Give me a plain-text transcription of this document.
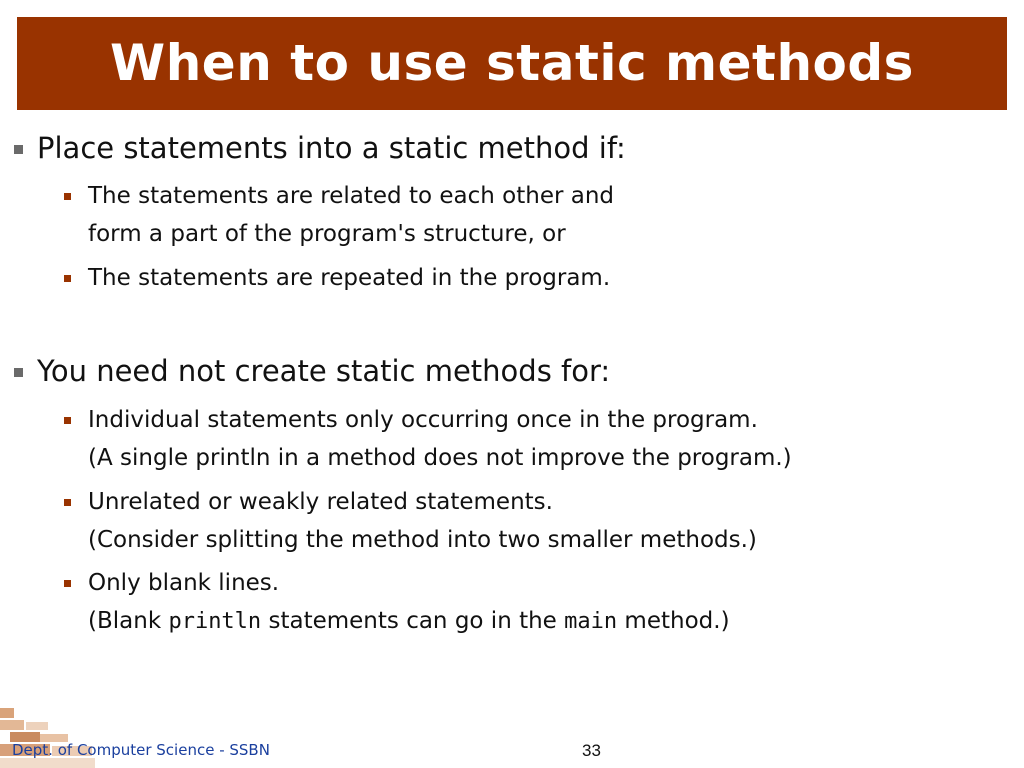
When to use static methods
Place statements into a static method if:
The statements are related to each other and
form a part of the program's structure, or
The statements are repeated in the program.
You need not create static methods for:
Individual statements only occurring once in the program.
(A single println in a method does not improve the program.)
Unrelated or weakly related statements.
(Consider splitting the method into two smaller methods.)
Only blank lines.
(Blank println statements can go in the main method.)
Dept. of Computer Science - SSBN	33
